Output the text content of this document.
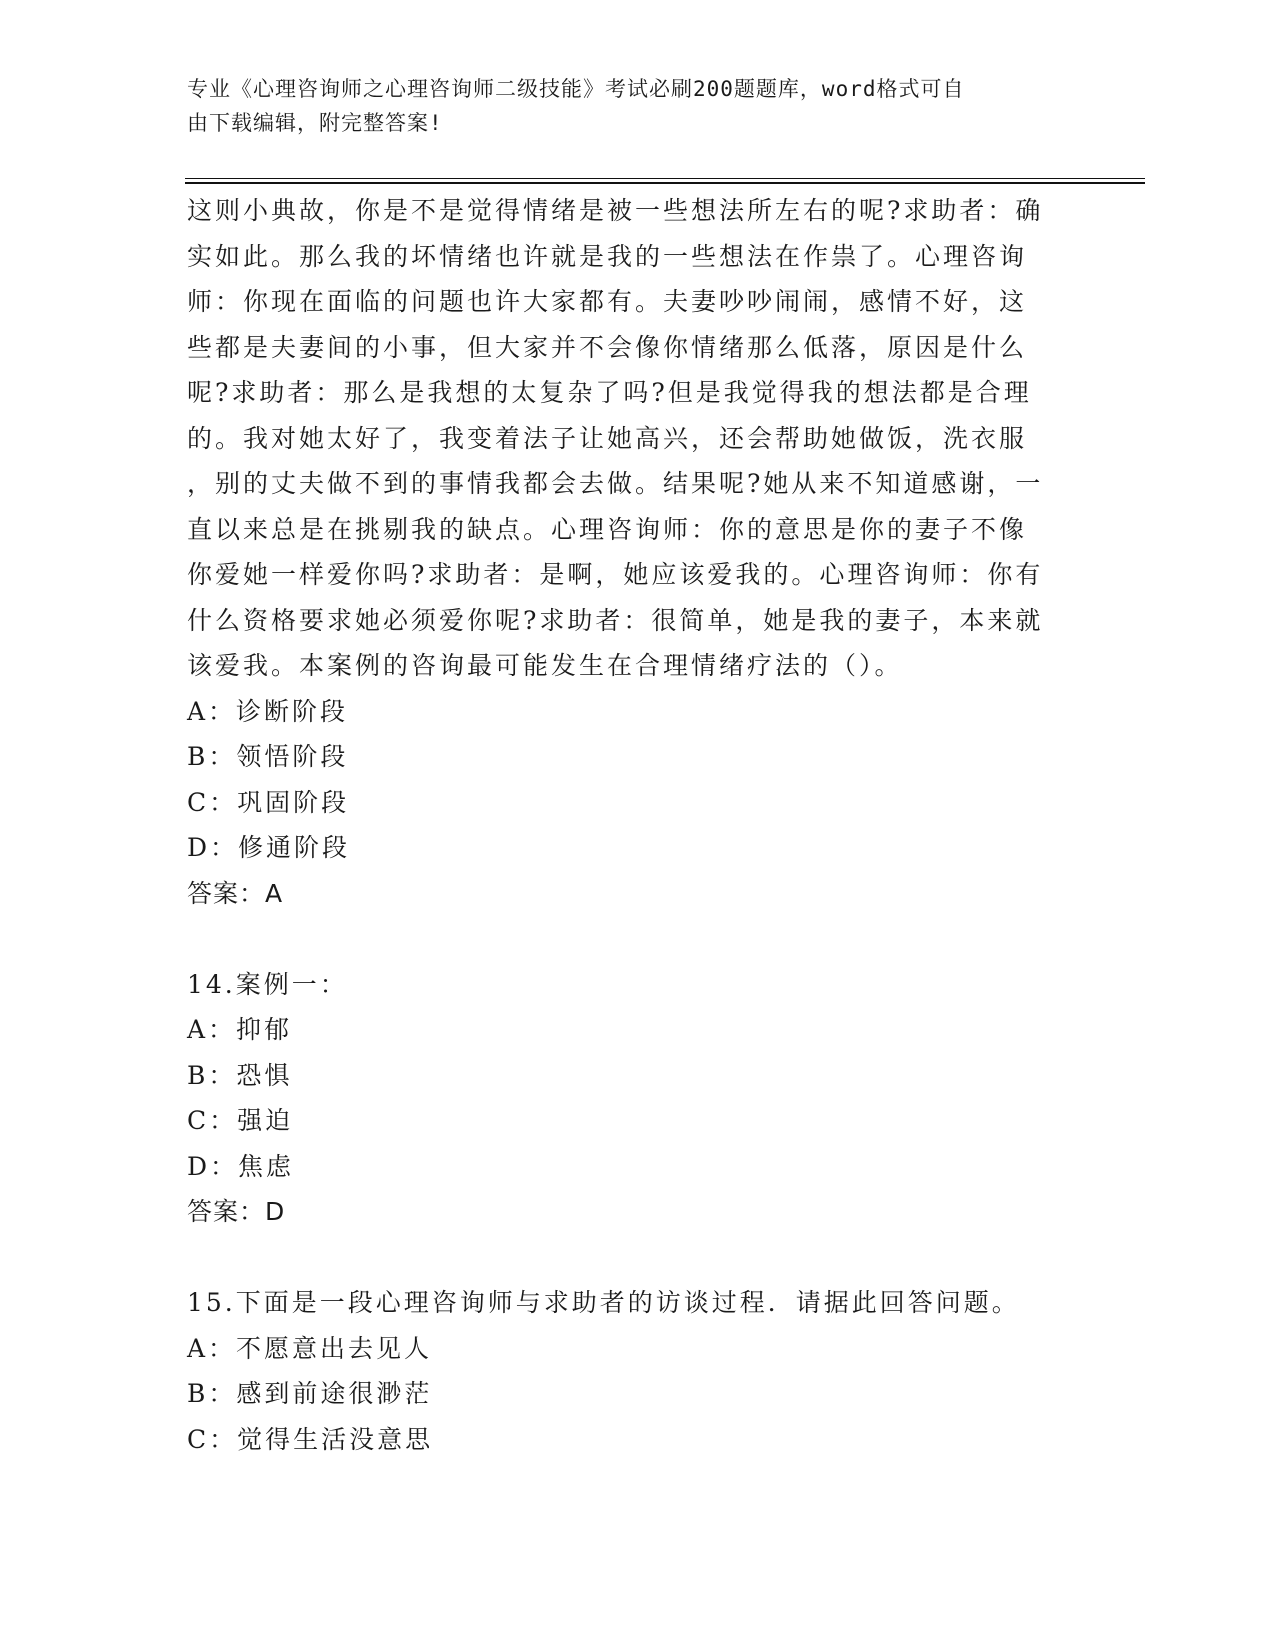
专业《心理咨询师之心理咨询师二级技能》考试必刷200题题库，word格式可自
由下载编辑，附完整答案!
这则小典故，你是不是觉得情绪是被一些想法所左右的呢?求助者：确
实如此。那么我的坏情绪也许就是我的一些想法在作祟了。心理咨询
师：你现在面临的问题也许大家都有。夫妻吵吵闹闹，感情不好，这
些都是夫妻间的小事，但大家并不会像你情绪那么低落，原因是什么
呢?求助者：那么是我想的太复杂了吗?但是我觉得我的想法都是合理
的。我对她太好了，我变着法子让她高兴，还会帮助她做饭，洗衣服
，别的丈夫做不到的事情我都会去做。结果呢?她从来不知道感谢，一
直以来总是在挑剔我的缺点。心理咨询师：你的意思是你的妻子不像
你爱她一样爱你吗?求助者：是啊，她应该爱我的。心理咨询师：你有
什么资格要求她必须爱你呢?求助者：很简单，她是我的妻子，本来就
该爱我。本案例的咨询最可能发生在合理情绪疗法的（）。
A：诊断阶段
B：领悟阶段
C：巩固阶段
D：修通阶段
答案：A
14.案例一：
A：抑郁
B：恐惧
C：强迫
D：焦虑
答案：D
15.下面是一段心理咨询师与求助者的访谈过程．请据此回答问题。
A：不愿意出去见人
B：感到前途很渺茫
C：觉得生活没意思
